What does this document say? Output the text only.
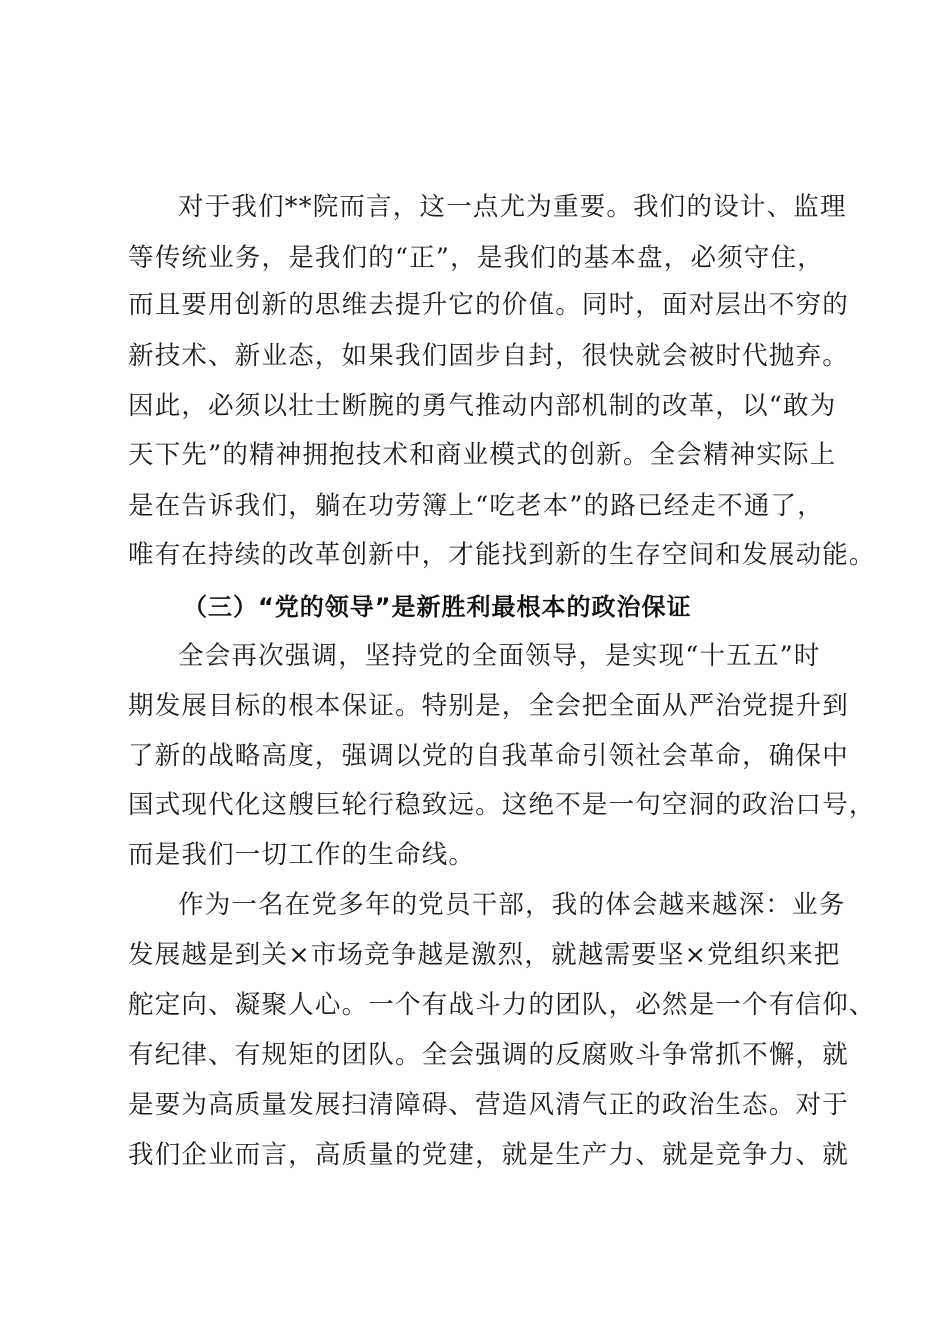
对于我们**院而言，这一点尤为重要。我们的设计、监理
等传统业务，是我们的“正”，是我们的基本盘，必须守住，
而且要用创新的思维去提升它的价值。同时，面对层出不穷的
新技术、新业态，如果我们固步自封，很快就会被时代抛弃。
因此，必须以壮士断腕的勇气推动内部机制的改革，以“敢为
天下先”的精神拥抱技术和商业模式的创新。全会精神实际上
是在告诉我们，躺在功劳簿上“吃老本”的路已经走不通了，
唯有在持续的改革创新中，才能找到新的生存空间和发展动能。
（三）“党的领导”是新胜利最根本的政治保证
全会再次强调，坚持党的全面领导，是实现“十五五”时
期发展目标的根本保证。特别是，全会把全面从严治党提升到
了新的战略高度，强调以党的自我革命引领社会革命，确保中
国式现代化这艘巨轮行稳致远。这绝不是一句空洞的政治口号，
而是我们一切工作的生命线。
作为一名在党多年的党员干部，我的体会越来越深：业务
发展越是到关×市场竞争越是激烈，就越需要坚×党组织来把
舵定向、凝聚人心。一个有战斗力的团队，必然是一个有信仰、
有纪律、有规矩的团队。全会强调的反腐败斗争常抓不懈，就
是要为高质量发展扫清障碍、营造风清气正的政治生态。对于
我们企业而言，高质量的党建，就是生产力、就是竞争力、就
